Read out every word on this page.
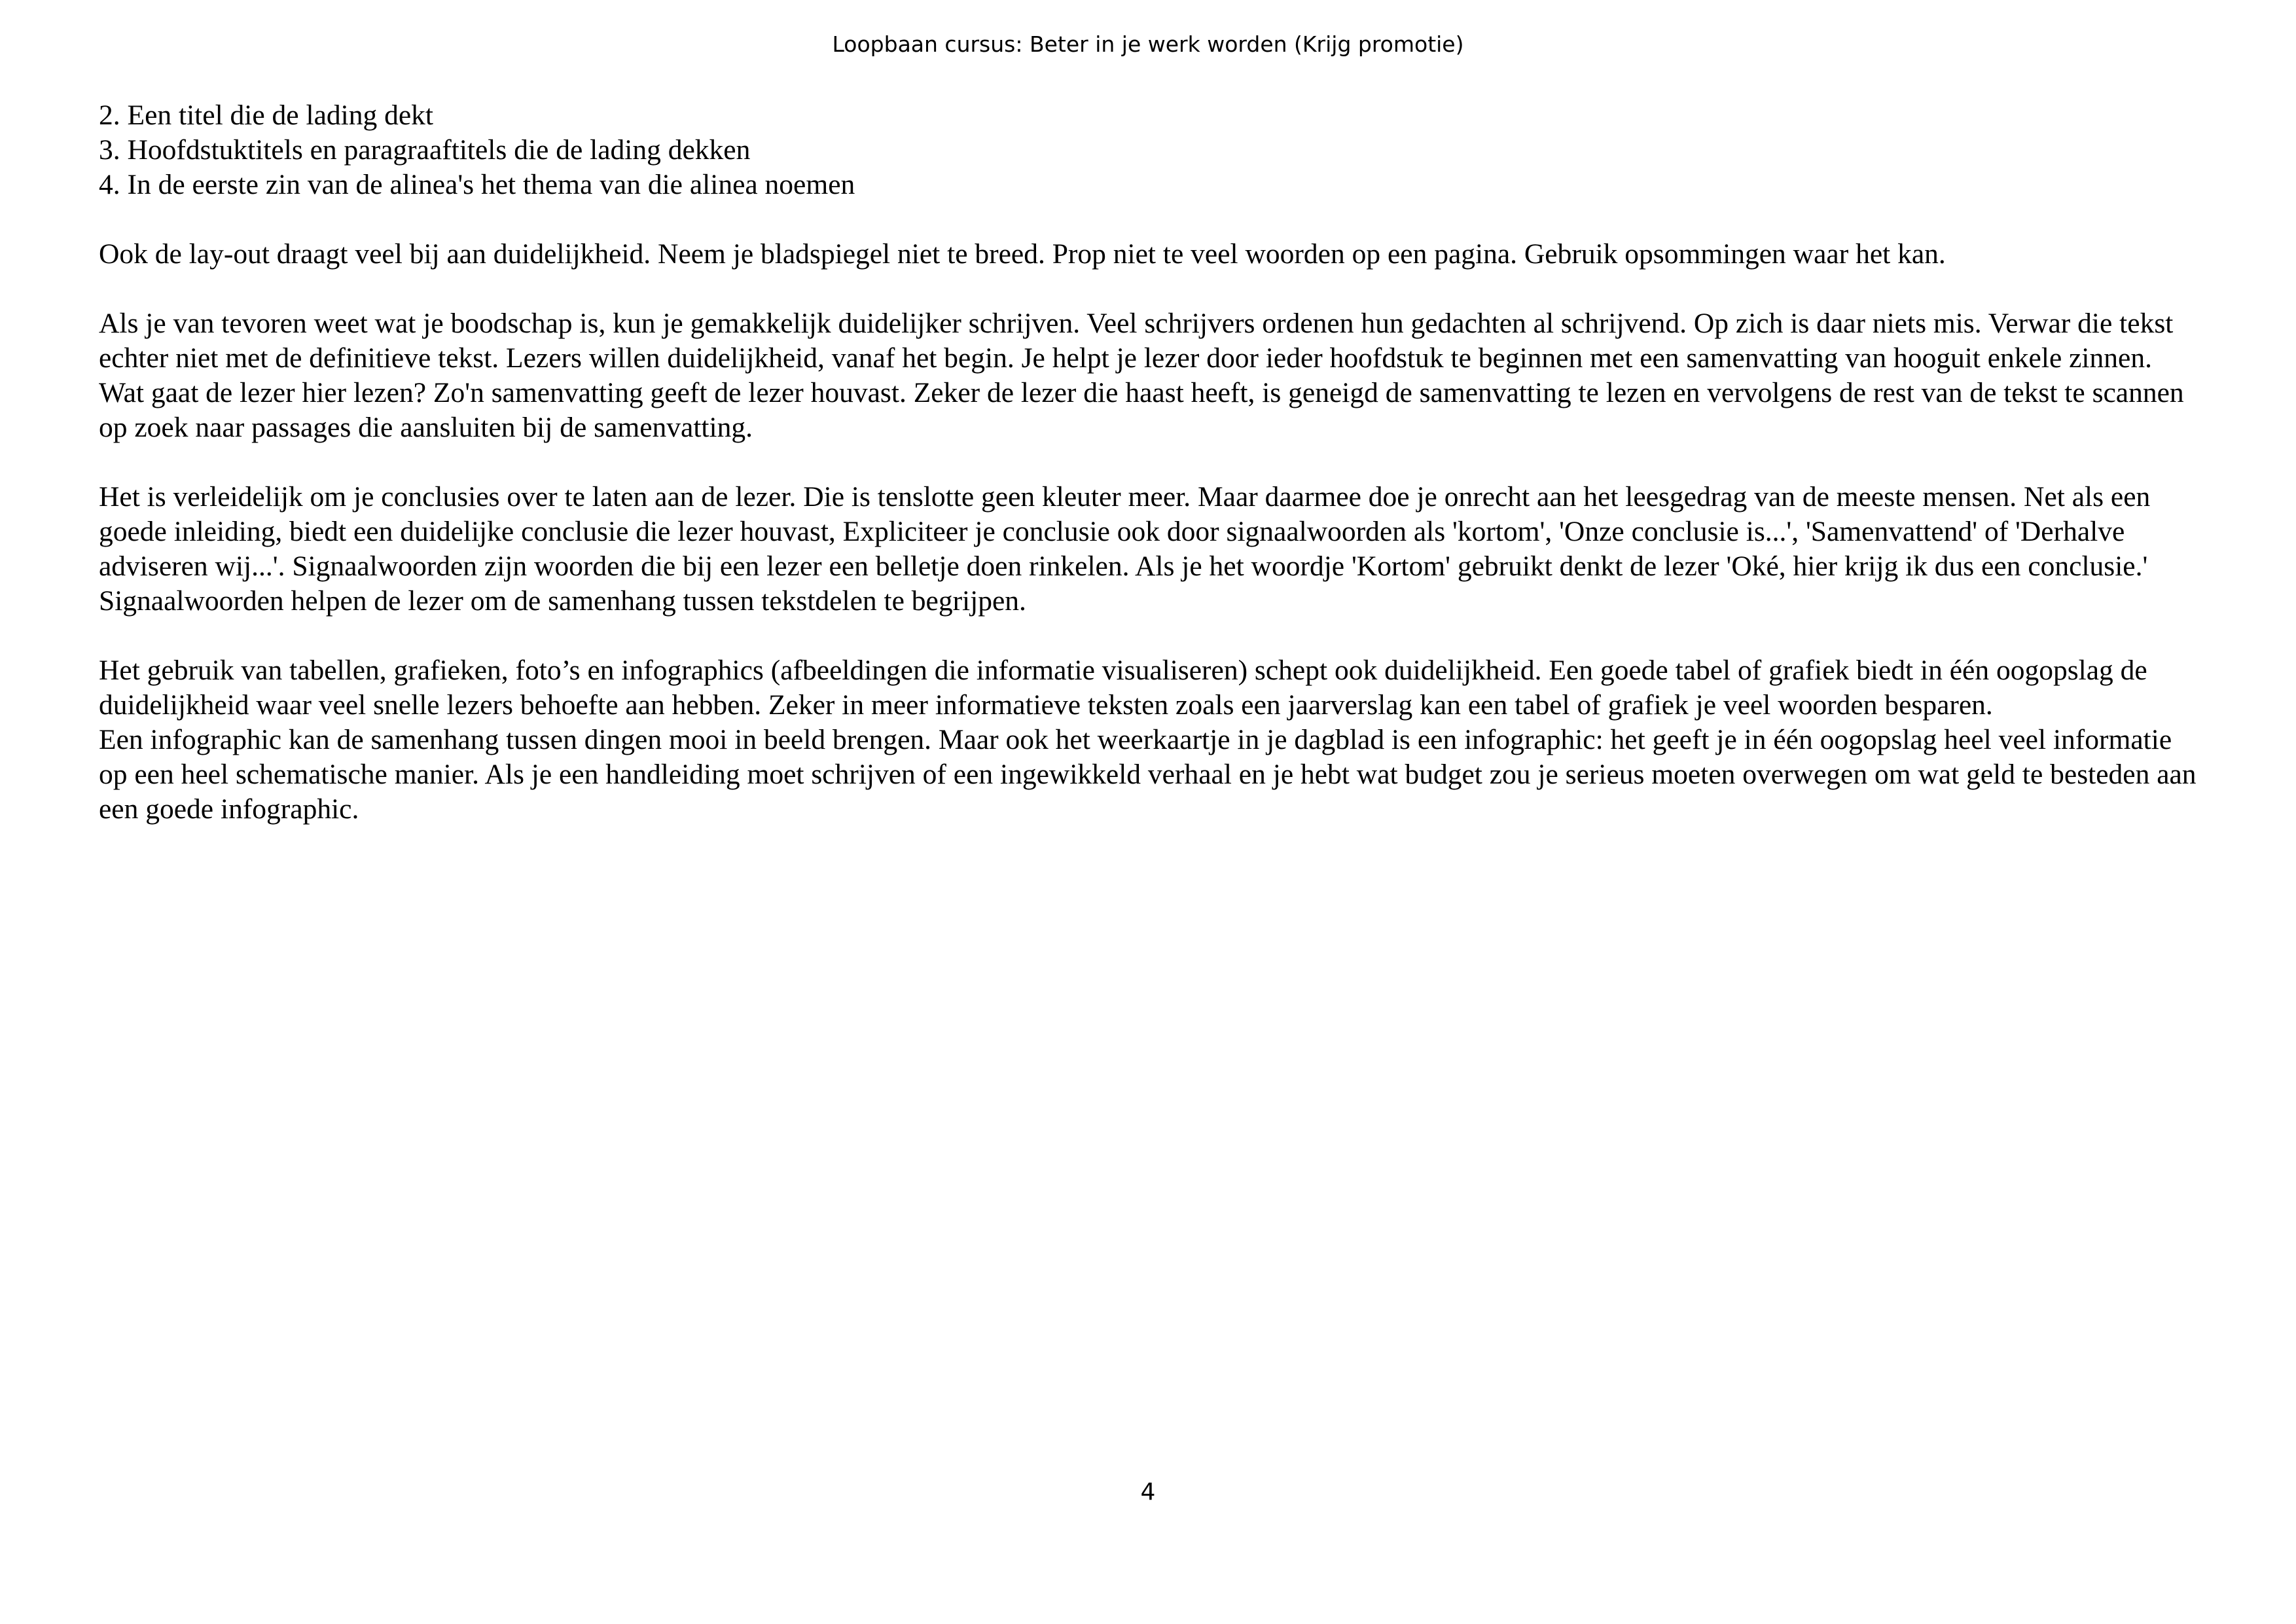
Loopbaan cursus: Beter in je werk worden (Krijg promotie)

2. Een titel die de lading dekt

3. Hoofdstuktitels en paragraaftitels die de lading dekken

4. In de eerste zin van de alinea's het thema van die alinea noemen

Ook de lay-out draagt veel bij aan duidelijkheid. Neem je bladspiegel niet te breed. Prop niet te veel woorden op een pagina. Gebruik opsommingen waar het kan.

Als je van tevoren weet wat je boodschap is, kun je gemakkelijk duidelijker schrijven. Veel schrijvers ordenen hun gedachten al schrijvend. Op zich is daar niets mis. Verwar die tekst echter niet met de definitieve tekst. Lezers willen duidelijkheid, vanaf het begin. Je helpt je lezer door ieder hoofdstuk te beginnen met een samenvatting van hooguit enkele zinnen. Wat gaat de lezer hier lezen? Zo'n samenvatting geeft de lezer houvast. Zeker de lezer die haast heeft, is geneigd de samenvatting te lezen en vervolgens de rest van de tekst te scannen op zoek naar passages die aansluiten bij de samenvatting.

Het is verleidelijk om je conclusies over te laten aan de lezer. Die is tenslotte geen kleuter meer. Maar daarmee doe je onrecht aan het leesgedrag van de meeste mensen. Net als een goede inleiding, biedt een duidelijke conclusie die lezer houvast, Expliciteer je conclusie ook door signaalwoorden als 'kortom', 'Onze conclusie is...', 'Samenvattend' of 'Derhalve adviseren wij...'. Signaalwoorden zijn woorden die bij een lezer een belletje doen rinkelen. Als je het woordje 'Kortom' gebruikt denkt de lezer 'Oké, hier krijg ik dus een conclusie.' Signaalwoorden helpen de lezer om de samenhang tussen tekstdelen te begrijpen.

Het gebruik van tabellen, grafieken, foto’s en infographics (afbeeldingen die informatie visualiseren) schept ook duidelijkheid. Een goede tabel of grafiek biedt in één oogopslag de duidelijkheid waar veel snelle lezers behoefte aan hebben. Zeker in meer informatieve teksten zoals een jaarverslag kan een tabel of grafiek je veel woorden besparen.

Een infographic kan de samenhang tussen dingen mooi in beeld brengen. Maar ook het weerkaartje in je dagblad is een infographic: het geeft je in één oogopslag heel veel informatie op een heel schematische manier. Als je een handleiding moet schrijven of een ingewikkeld verhaal en je hebt wat budget zou je serieus moeten overwegen om wat geld te besteden aan een goede infographic.

4
